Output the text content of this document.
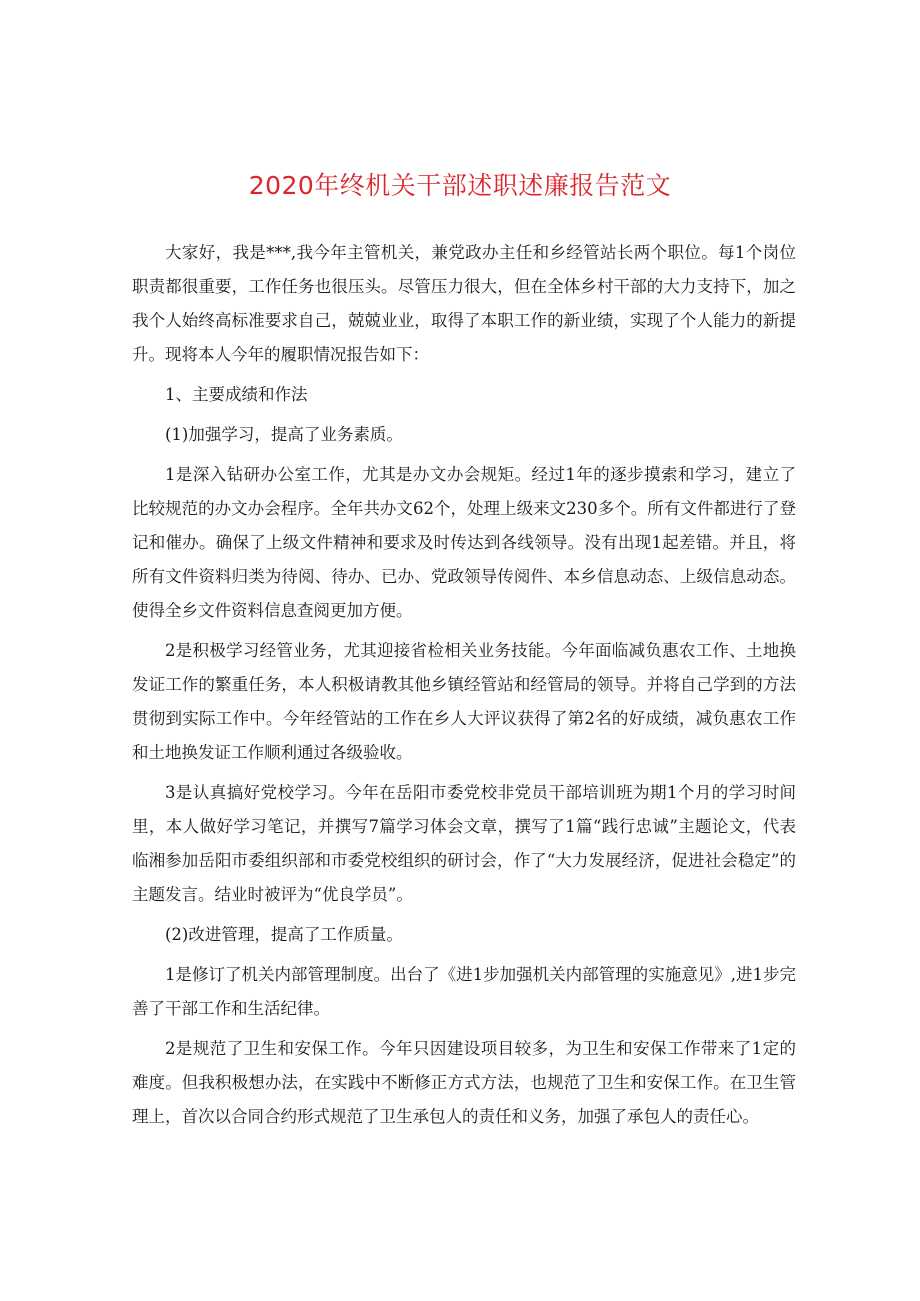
2020年终机关干部述职述廉报告范文

大家好，我是***,我今年主管机关，兼党政办主任和乡经管站长两个职位。每1个岗位职责都很重要，工作任务也很压头。尽管压力很大，但在全体乡村干部的大力支持下，加之我个人始终高标准要求自己，兢兢业业，取得了本职工作的新业绩，实现了个人能力的新提升。现将本人今年的履职情况报告如下：

1、主要成绩和作法

(1)加强学习，提高了业务素质。

1是深入钻研办公室工作，尤其是办文办会规矩。经过1年的逐步摸索和学习，建立了比较规范的办文办会程序。全年共办文62个，处理上级来文230多个。所有文件都进行了登记和催办。确保了上级文件精神和要求及时传达到各线领导。没有出现1起差错。并且，将所有文件资料归类为待阅、待办、已办、党政领导传阅件、本乡信息动态、上级信息动态。使得全乡文件资料信息查阅更加方便。

2是积极学习经管业务，尤其迎接省检相关业务技能。今年面临减负惠农工作、土地换发证工作的繁重任务，本人积极请教其他乡镇经管站和经管局的领导。并将自己学到的方法贯彻到实际工作中。今年经管站的工作在乡人大评议获得了第2名的好成绩，减负惠农工作和土地换发证工作顺利通过各级验收。

3是认真搞好党校学习。今年在岳阳市委党校非党员干部培训班为期1个月的学习时间里，本人做好学习笔记，并撰写7篇学习体会文章，撰写了1篇“践行忠诚”主题论文，代表临湘参加岳阳市委组织部和市委党校组织的研讨会，作了“大力发展经济，促进社会稳定”的主题发言。结业时被评为“优良学员”。

(2)改进管理，提高了工作质量。

1是修订了机关内部管理制度。出台了《进1步加强机关内部管理的实施意见》,进1步完善了干部工作和生活纪律。

2是规范了卫生和安保工作。今年只因建设项目较多，为卫生和安保工作带来了1定的难度。但我积极想办法，在实践中不断修正方式方法，也规范了卫生和安保工作。在卫生管理上，首次以合同合约形式规范了卫生承包人的责任和义务，加强了承包人的责任心。
